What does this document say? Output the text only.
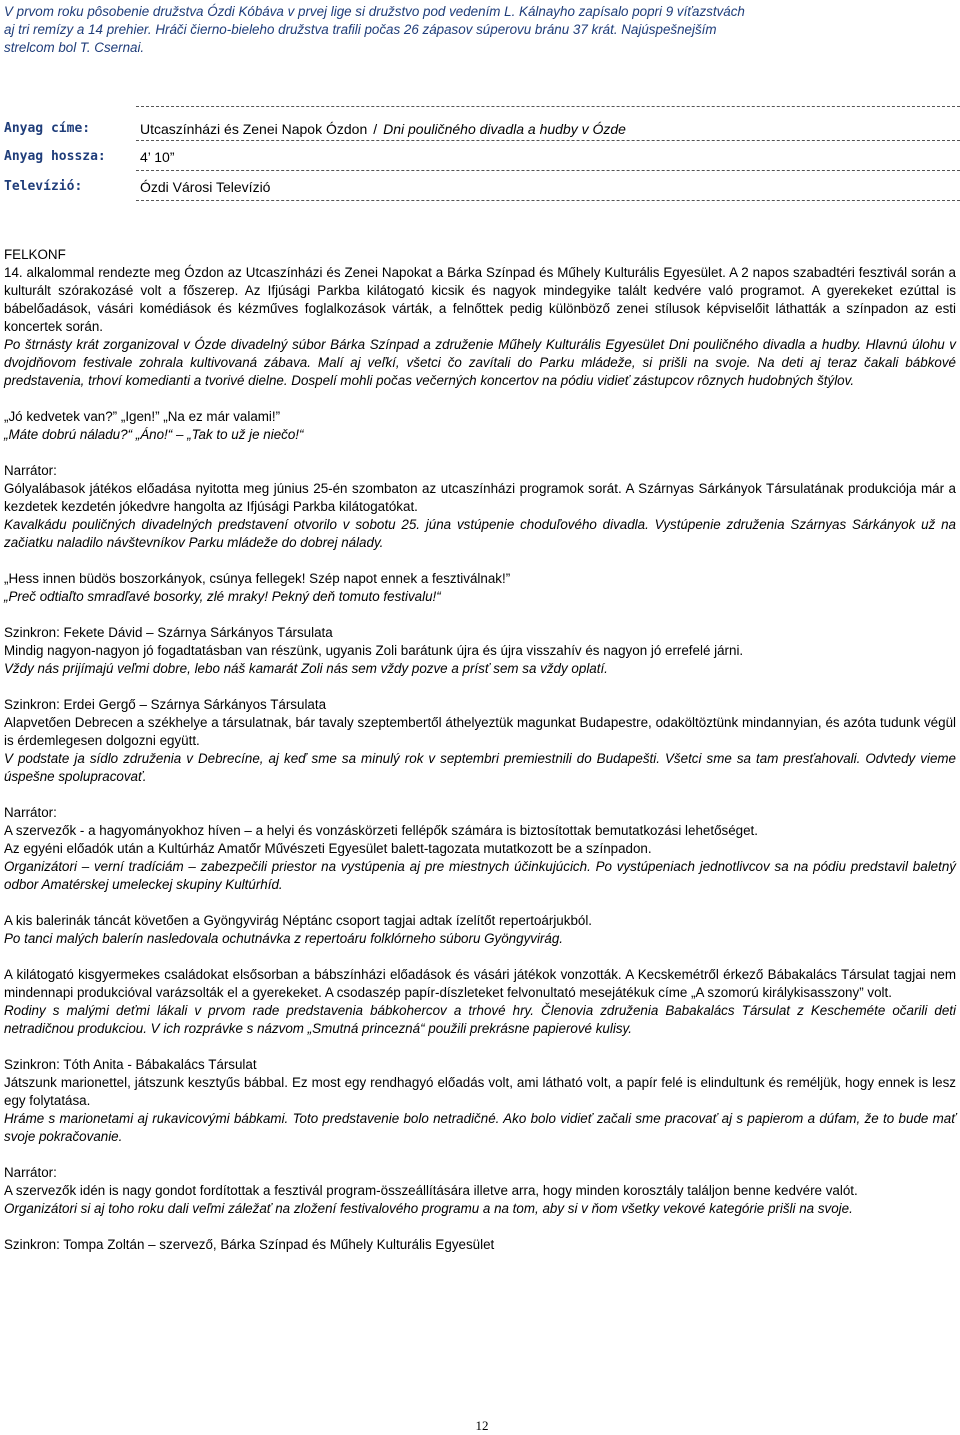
V prvom roku pôsobenie družstva Ózdi Kóbáva v prvej lige si družstvo pod vedením L. Kálnayho zapísalo popri 9 víťazstvách

aj tri remízy a 14 prehier. Hráči čierno-bieleho družstva trafili počas 26 zápasov súperovu bránu 37 krát. Najúspešnejším

strelcom bol T. Csernai.

Anyag címe:	Utcaszínházi és Zenei Napok Ózdon / Dni pouličného divadla a hudby v Ózde
Anyag hossza: 4’ 10”
Televízió:	Ózdi Városi Televízió

FELKONF

14. alkalommal rendezte meg Ózdon az Utcaszínházi és Zenei Napokat a Bárka Színpad és Műhely Kulturális Egyesület. A 2 napos szabadtéri fesztivál során a kulturált szórakozásé volt a főszerep. Az Ifjúsági Parkba kilátogató kicsik és nagyok mindegyike talált kedvére való programot. A gyerekeket ezúttal is bábelőadások, vásári komédiások és kézműves foglalkozások várták, a felnőttek pedig különböző zenei stílusok képviselőit láthatták a színpadon az esti koncertek során.

Po štrnásty krát zorganizoval v Ózde divadelný súbor Bárka Színpad a združenie Műhely Kulturális Egyesület Dni pouličného divadla a hudby. Hlavnú úlohu v dvojdňovom festivale zohrala kultivovaná zábava. Malí aj veľkí, všetci čo zavítali do Parku mládeže, si prišli na svoje. Na deti aj teraz čakali bábkové predstavenia, trhoví komedianti a tvorivé dielne. Dospelí mohli počas večerných koncertov na pódiu vidieť zástupcov rôznych hudobných štýlov.

„Jó kedvetek van?” „Igen!” „Na ez már valami!”

„Máte dobrú náladu?“ „Áno!“ – „Tak to už je niečo!“

Narrátor:

Gólyalábasok játékos előadása nyitotta meg június 25-én szombaton az utcaszínházi programok sorát. A Szárnyas Sárkányok Társulatának produkciója már a kezdetek kezdetén jókedvre hangolta az Ifjúsági Parkba kilátogatókat.

Kavalkádu pouličných divadelných predstavení otvorilo v sobotu 25. júna vstúpenie choduľového divadla. Vystúpenie združenia Szárnyas Sárkányok už na začiatku naladilo návštevníkov Parku mládeže do dobrej nálady.

„Hess innen büdös boszorkányok, csúnya fellegek! Szép napot ennek a fesztiválnak!”

„Preč odtiaľto smradľavé bosorky, zlé mraky! Pekný deň tomuto festivalu!“

Szinkron: Fekete Dávid – Szárnya Sárkányos Társulata

Mindig nagyon-nagyon jó fogadtatásban van részünk, ugyanis Zoli barátunk újra és újra visszahív és nagyon jó errefelé járni.

Vždy nás prijímajú veľmi dobre, lebo náš kamarát Zoli nás sem vždy pozve a prísť sem sa vždy oplatí.

Szinkron: Erdei Gergő – Szárnya Sárkányos Társulata

Alapvetően Debrecen a székhelye a társulatnak, bár tavaly szeptembertől áthelyeztük magunkat Budapestre, odaköltöztünk mindannyian, és azóta tudunk végül is érdemlegesen dolgozni együtt.

V podstate ja sídlo združenia v Debrecíne, aj keď sme sa minulý rok v septembri premiestnili do Budapešti. Všetci sme sa tam presťahovali. Odvtedy vieme úspešne spolupracovať.

Narrátor:

A szervezők - a hagyományokhoz híven – a helyi és vonzáskörzeti fellépők számára is biztosítottak bemutatkozási lehetőséget.

Az egyéni előadók után a Kultúrház Amatőr Művészeti Egyesület balett-tagozata mutatkozott be a színpadon.

Organizátori – verní tradíciám – zabezpečili priestor na vystúpenia aj pre miestnych účinkujúcich. Po vystúpeniach jednotlivcov sa na pódiu predstavil baletný odbor Amatérskej umeleckej skupiny Kultúrhíd.

A kis balerinák táncát követően a Gyöngyvirág Néptánc csoport tagjai adtak ízelítőt repertoárjukból.

Po tanci malých balerín nasledovala ochutnávka z repertoáru folklórneho súboru Gyöngyvirág.

A kilátogató kisgyermekes családokat elsősorban a bábszínházi előadások és vásári játékok vonzották. A Kecskemétről érkező Bábakalács Társulat tagjai nem mindennapi produkcióval varázsolták el a gyerekeket. A csodaszép papír-díszleteket felvonultató mesejátékuk címe „A szomorú királykisasszony” volt.

Rodiny s malými deťmi lákali v prvom rade predstavenia bábkohercov a trhové hry. Členovia združenia Babakalács Társulat z Kescheméte očarili deti netradičnou produkciou. V ich rozprávke s názvom „Smutná princezná“ použili prekrásne papierové kulisy.

Szinkron: Tóth Anita - Bábakalács Társulat

Játszunk marionettel, játszunk kesztyűs bábbal. Ez most egy rendhagyó előadás volt, ami látható volt, a papír felé is elindultunk és reméljük, hogy ennek is lesz egy folytatása.

Hráme s marionetami aj rukavicovými bábkami. Toto predstavenie bolo netradičné. Ako bolo vidieť začali sme pracovať aj s papierom a dúfam, že to bude mať svoje pokračovanie.

Narrátor:

A szervezők idén is nagy gondot fordítottak a fesztivál program-összeállítására illetve arra, hogy minden korosztály találjon benne kedvére valót.

Organizátori si aj toho roku dali veľmi záležať na zložení festivalového programu a na tom, aby si v ňom všetky vekové kategórie prišli na svoje.

Szinkron: Tompa Zoltán – szervező, Bárka Színpad és Műhely Kulturális Egyesület

12
